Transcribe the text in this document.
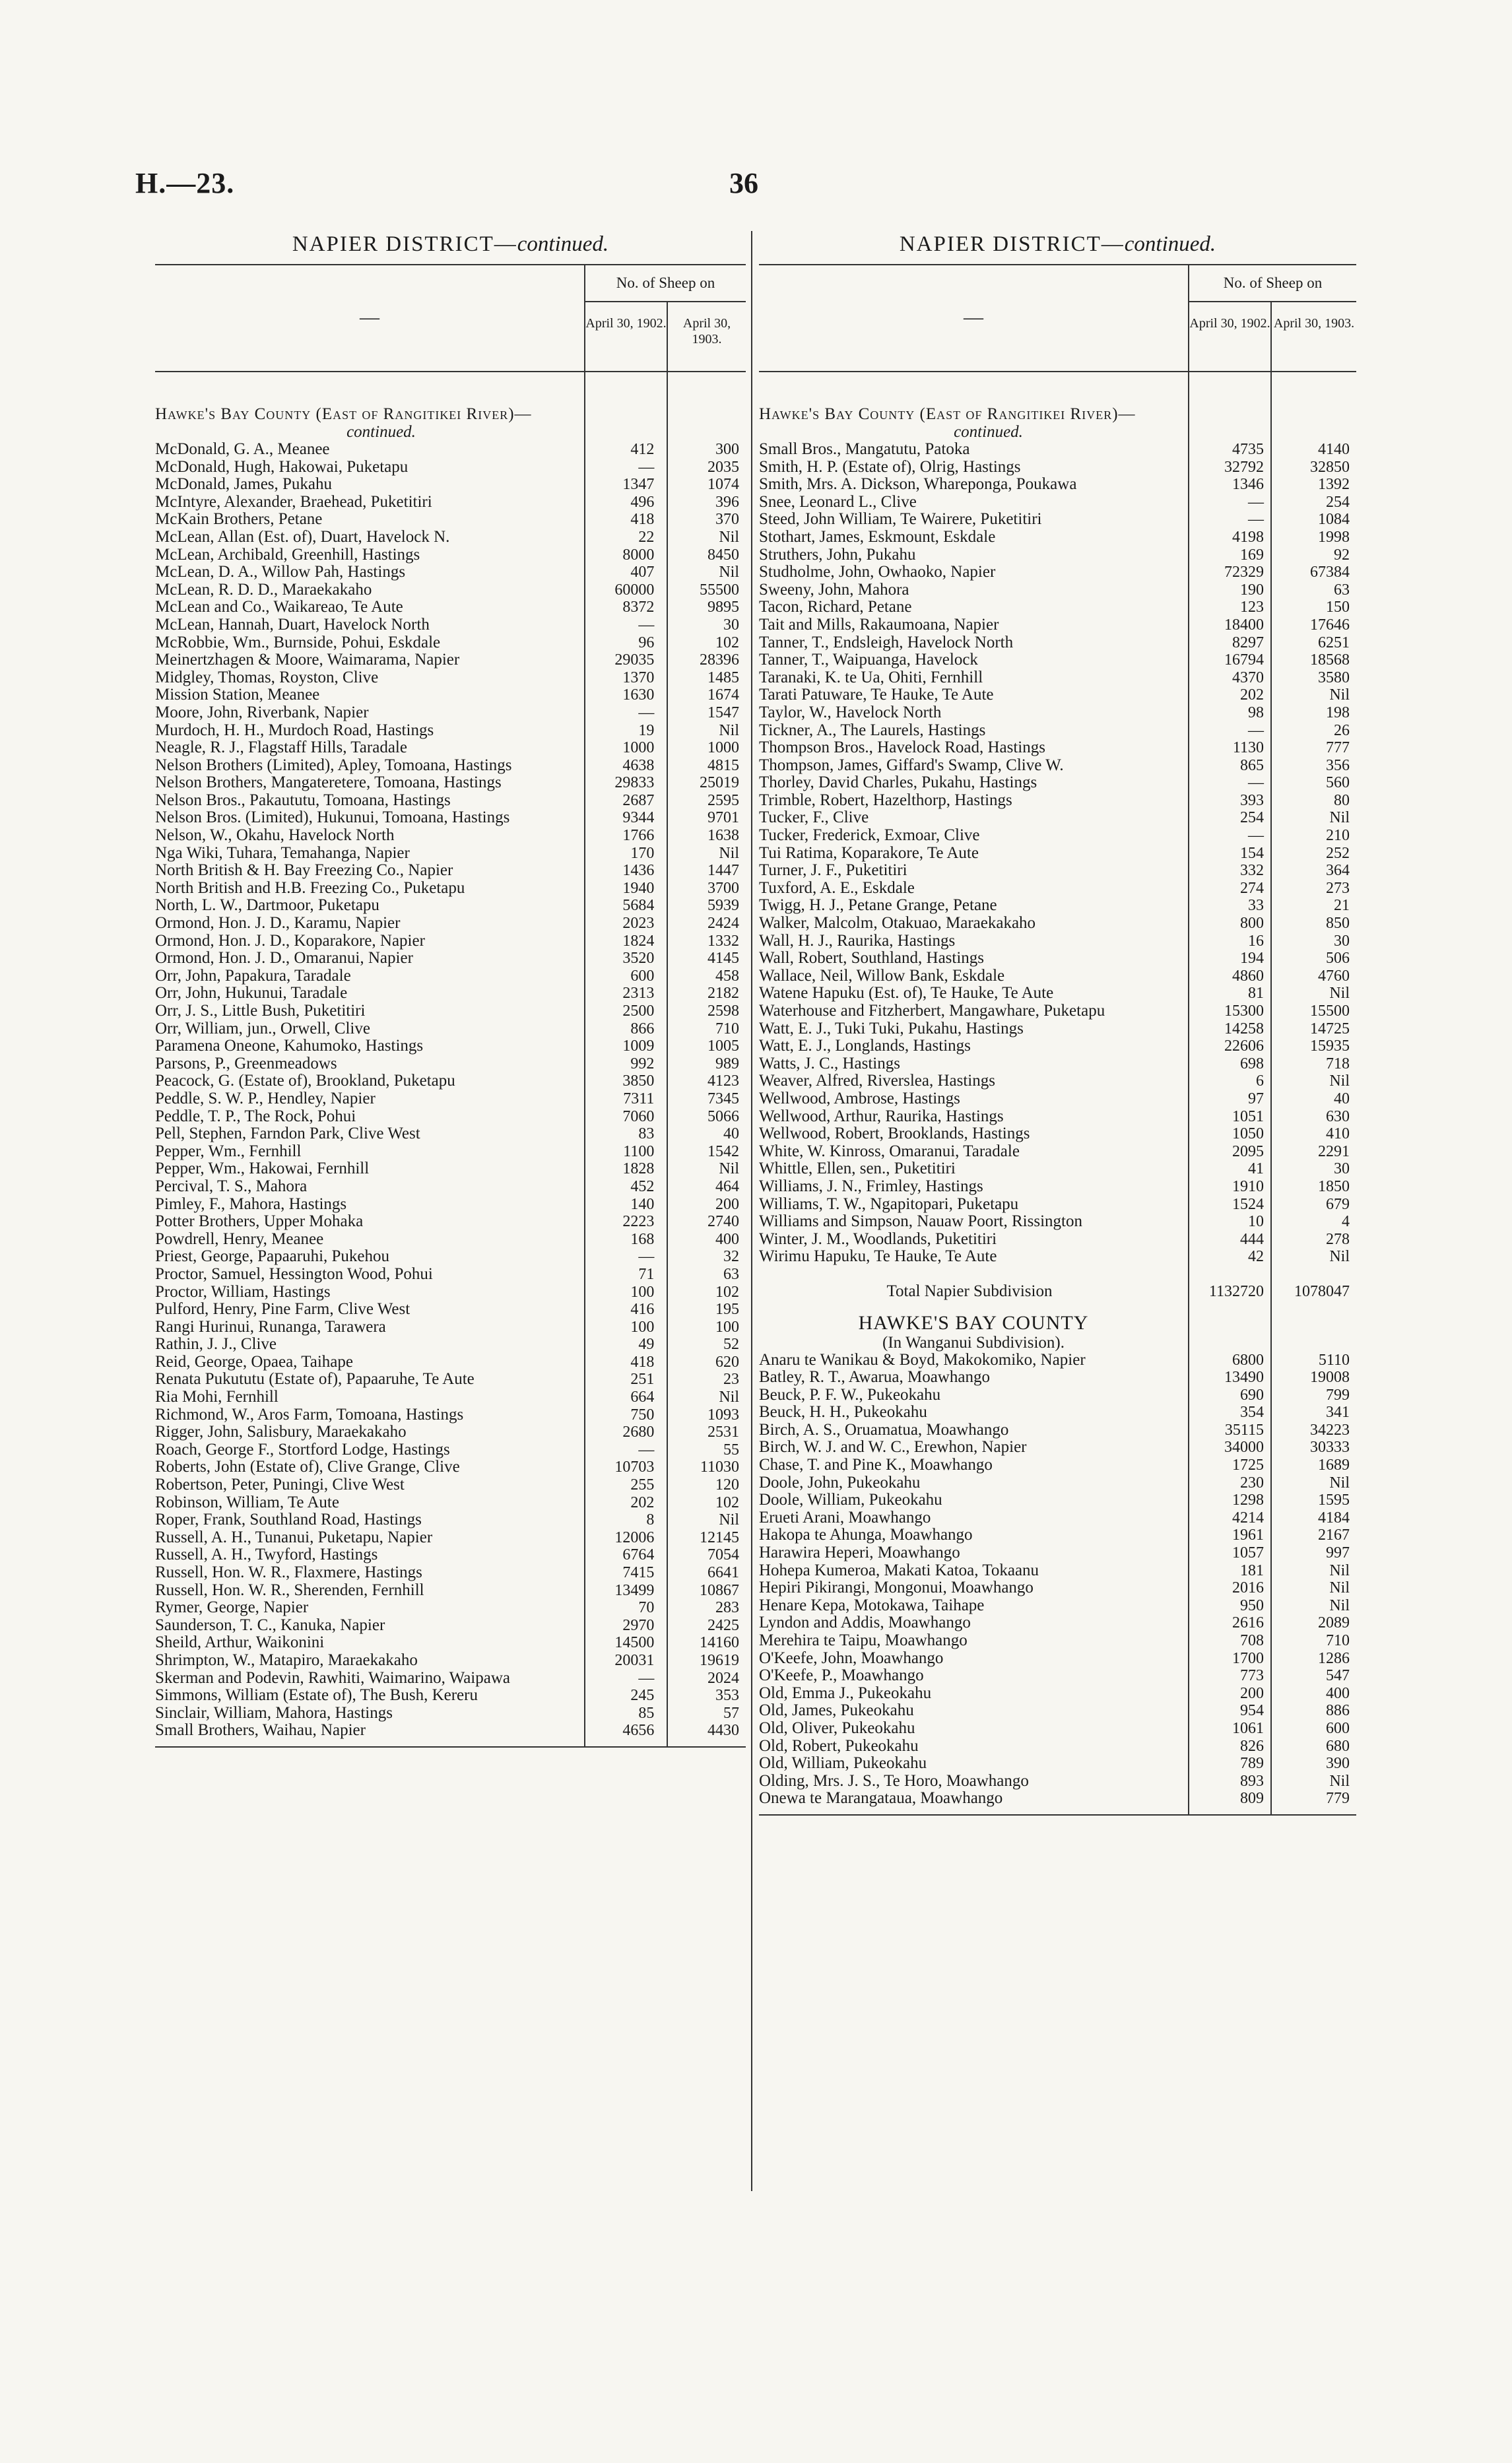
H.—23.	36
NAPIER DISTRICT—continued.
—
No. of Sheep on
April 30, 1902.	April 30, 1903.
Hawke's Bay County (East of Rangitikei River)—
continued.
McDonald, G. A., Meanee	412	300
McDonald, Hugh, Hakowai, Puketapu	—	2035
McDonald, James, Pukahu	1347	1074
McIntyre, Alexander, Braehead, Puketitiri	496	396
McKain Brothers, Petane	418	370
McLean, Allan (Est. of), Duart, Havelock N.	22	Nil
McLean, Archibald, Greenhill, Hastings	8000	8450
McLean, D. A., Willow Pah, Hastings	407	Nil
McLean, R. D. D., Maraekakaho	60000	55500
McLean and Co., Waikareao, Te Aute	8372	9895
McLean, Hannah, Duart, Havelock North	—	30
McRobbie, Wm., Burnside, Pohui, Eskdale	96	102
Meinertzhagen & Moore, Waimarama, Napier	29035	28396
Midgley, Thomas, Royston, Clive	1370	1485
Mission Station, Meanee	1630	1674
Moore, John, Riverbank, Napier	—	1547
Murdoch, H. H., Murdoch Road, Hastings	19	Nil
Neagle, R. J., Flagstaff Hills, Taradale	1000	1000
Nelson Brothers (Limited), Apley, Tomoana, Hastings	4638	4815
Nelson Brothers, Mangateretere, Tomoana, Hastings	29833	25019
Nelson Bros., Pakaututu, Tomoana, Hastings	2687	2595
Nelson Bros. (Limited), Hukunui, Tomoana, Hastings	9344	9701
Nelson, W., Okahu, Havelock North	1766	1638
Nga Wiki, Tuhara, Temahanga, Napier	170	Nil
North British & H. Bay Freezing Co., Napier	1436	1447
North British and H.B. Freezing Co., Puketapu	1940	3700
North, L. W., Dartmoor, Puketapu	5684	5939
Ormond, Hon. J. D., Karamu, Napier	2023	2424
Ormond, Hon. J. D., Koparakore, Napier	1824	1332
Ormond, Hon. J. D., Omaranui, Napier	3520	4145
Orr, John, Papakura, Taradale	600	458
Orr, John, Hukunui, Taradale	2313	2182
Orr, J. S., Little Bush, Puketitiri	2500	2598
Orr, William, jun., Orwell, Clive	866	710
Paramena Oneone, Kahumoko, Hastings	1009	1005
Parsons, P., Greenmeadows	992	989
Peacock, G. (Estate of), Brookland, Puketapu	3850	4123
Peddle, S. W. P., Hendley, Napier	7311	7345
Peddle, T. P., The Rock, Pohui	7060	5066
Pell, Stephen, Farndon Park, Clive West	83	40
Pepper, Wm., Fernhill	1100	1542
Pepper, Wm., Hakowai, Fernhill	1828	Nil
Percival, T. S., Mahora	452	464
Pimley, F., Mahora, Hastings	140	200
Potter Brothers, Upper Mohaka	2223	2740
Powdrell, Henry, Meanee	168	400
Priest, George, Papaaruhi, Pukehou	—	32
Proctor, Samuel, Hessington Wood, Pohui	71	63
Proctor, William, Hastings	100	102
Pulford, Henry, Pine Farm, Clive West	416	195
Rangi Hurinui, Runanga, Tarawera	100	100
Rathin, J. J., Clive	49	52
Reid, George, Opaea, Taihape	418	620
Renata Pukututu (Estate of), Papaaruhe, Te Aute	251	23
Ria Mohi, Fernhill	664	Nil
Richmond, W., Aros Farm, Tomoana, Hastings	750	1093
Rigger, John, Salisbury, Maraekakaho	2680	2531
Roach, George F., Stortford Lodge, Hastings	—	55
Roberts, John (Estate of), Clive Grange, Clive	10703	11030
Robertson, Peter, Puningi, Clive West	255	120
Robinson, William, Te Aute	202	102
Roper, Frank, Southland Road, Hastings	8	Nil
Russell, A. H., Tunanui, Puketapu, Napier	12006	12145
Russell, A. H., Twyford, Hastings	6764	7054
Russell, Hon. W. R., Flaxmere, Hastings	7415	6641
Russell, Hon. W. R., Sherenden, Fernhill	13499	10867
Rymer, George, Napier	70	283
Saunderson, T. C., Kanuka, Napier	2970	2425
Sheild, Arthur, Waikonini	14500	14160
Shrimpton, W., Matapiro, Maraekakaho	20031	19619
Skerman and Podevin, Rawhiti, Waimarino, Waipawa	—	2024
Simmons, William (Estate of), The Bush, Kereru	245	353
Sinclair, William, Mahora, Hastings	85	57
Small Brothers, Waihau, Napier	4656	4430
NAPIER DISTRICT—continued.
—
No. of Sheep on
April 30, 1902. April 30, 1903.
Hawke's Bay County (East of Rangitikei River)—
continued.
Small Bros., Mangatutu, Patoka	4735	4140
Smith, H. P. (Estate of), Olrig, Hastings	32792	32850
Smith, Mrs. A. Dickson, Whareponga, Poukawa	1346	1392
Snee, Leonard L., Clive	—	254
Steed, John William, Te Wairere, Puketitiri	—	1084
Stothart, James, Eskmount, Eskdale	4198	1998
Struthers, John, Pukahu	169	92
Studholme, John, Owhaoko, Napier	72329	67384
Sweeny, John, Mahora	190	63
Tacon, Richard, Petane	123	150
Tait and Mills, Rakaumoana, Napier	18400	17646
Tanner, T., Endsleigh, Havelock North	8297	6251
Tanner, T., Waipuanga, Havelock	16794	18568
Taranaki, K. te Ua, Ohiti, Fernhill	4370	3580
Tarati Patuware, Te Hauke, Te Aute	202	Nil
Taylor, W., Havelock North	98	198
Tickner, A., The Laurels, Hastings	—	26
Thompson Bros., Havelock Road, Hastings	1130	777
Thompson, James, Giffard's Swamp, Clive W.	865	356
Thorley, David Charles, Pukahu, Hastings	—	560
Trimble, Robert, Hazelthorp, Hastings	393	80
Tucker, F., Clive	254	Nil
Tucker, Frederick, Exmoar, Clive	—	210
Tui Ratima, Koparakore, Te Aute	154	252
Turner, J. F., Puketitiri	332	364
Tuxford, A. E., Eskdale	274	273
Twigg, H. J., Petane Grange, Petane	33	21
Walker, Malcolm, Otakuao, Maraekakaho	800	850
Wall, H. J., Raurika, Hastings	16	30
Wall, Robert, Southland, Hastings	194	506
Wallace, Neil, Willow Bank, Eskdale	4860	4760
Watene Hapuku (Est. of), Te Hauke, Te Aute	81	Nil
Waterhouse and Fitzherbert, Mangawhare, Puketapu	15300	15500
Watt, E. J., Tuki Tuki, Pukahu, Hastings	14258	14725
Watt, E. J., Longlands, Hastings	22606	15935
Watts, J. C., Hastings	698	718
Weaver, Alfred, Riverslea, Hastings	6	Nil
Wellwood, Ambrose, Hastings	97	40
Wellwood, Arthur, Raurika, Hastings	1051	630
Wellwood, Robert, Brooklands, Hastings	1050	410
White, W. Kinross, Omaranui, Taradale	2095	2291
Whittle, Ellen, sen., Puketitiri	41	30
Williams, J. N., Frimley, Hastings	1910	1850
Williams, T. W., Ngapitopari, Puketapu	1524	679
Williams and Simpson, Nauaw Poort, Rissington	10	4
Winter, J. M., Woodlands, Puketitiri	444	278
Wirimu Hapuku, Te Hauke, Te Aute	42	Nil
Total Napier Subdivision	1132720	1078047
HAWKE'S BAY COUNTY
(In Wanganui Subdivision).
Anaru te Wanikau & Boyd, Makokomiko, Napier	6800	5110
Batley, R. T., Awarua, Moawhango	13490	19008
Beuck, P. F. W., Pukeokahu	690	799
Beuck, H. H., Pukeokahu	354	341
Birch, A. S., Oruamatua, Moawhango	35115	34223
Birch, W. J. and W. C., Erewhon, Napier	34000	30333
Chase, T. and Pine K., Moawhango	1725	1689
Doole, John, Pukeokahu	230	Nil
Doole, William, Pukeokahu	1298	1595
Erueti Arani, Moawhango	4214	4184
Hakopa te Ahunga, Moawhango	1961	2167
Harawira Heperi, Moawhango	1057	997
Hohepa Kumeroa, Makati Katoa, Tokaanu	181	Nil
Hepiri Pikirangi, Mongonui, Moawhango	2016	Nil
Henare Kepa, Motokawa, Taihape	950	Nil
Lyndon and Addis, Moawhango	2616	2089
Merehira te Taipu, Moawhango	708	710
O'Keefe, John, Moawhango	1700	1286
O'Keefe, P., Moawhango	773	547
Old, Emma J., Pukeokahu	200	400
Old, James, Pukeokahu	954	886
Old, Oliver, Pukeokahu	1061	600
Old, Robert, Pukeokahu	826	680
Old, William, Pukeokahu	789	390
Olding, Mrs. J. S., Te Horo, Moawhango	893	Nil
Onewa te Marangataua, Moawhango	809	779
